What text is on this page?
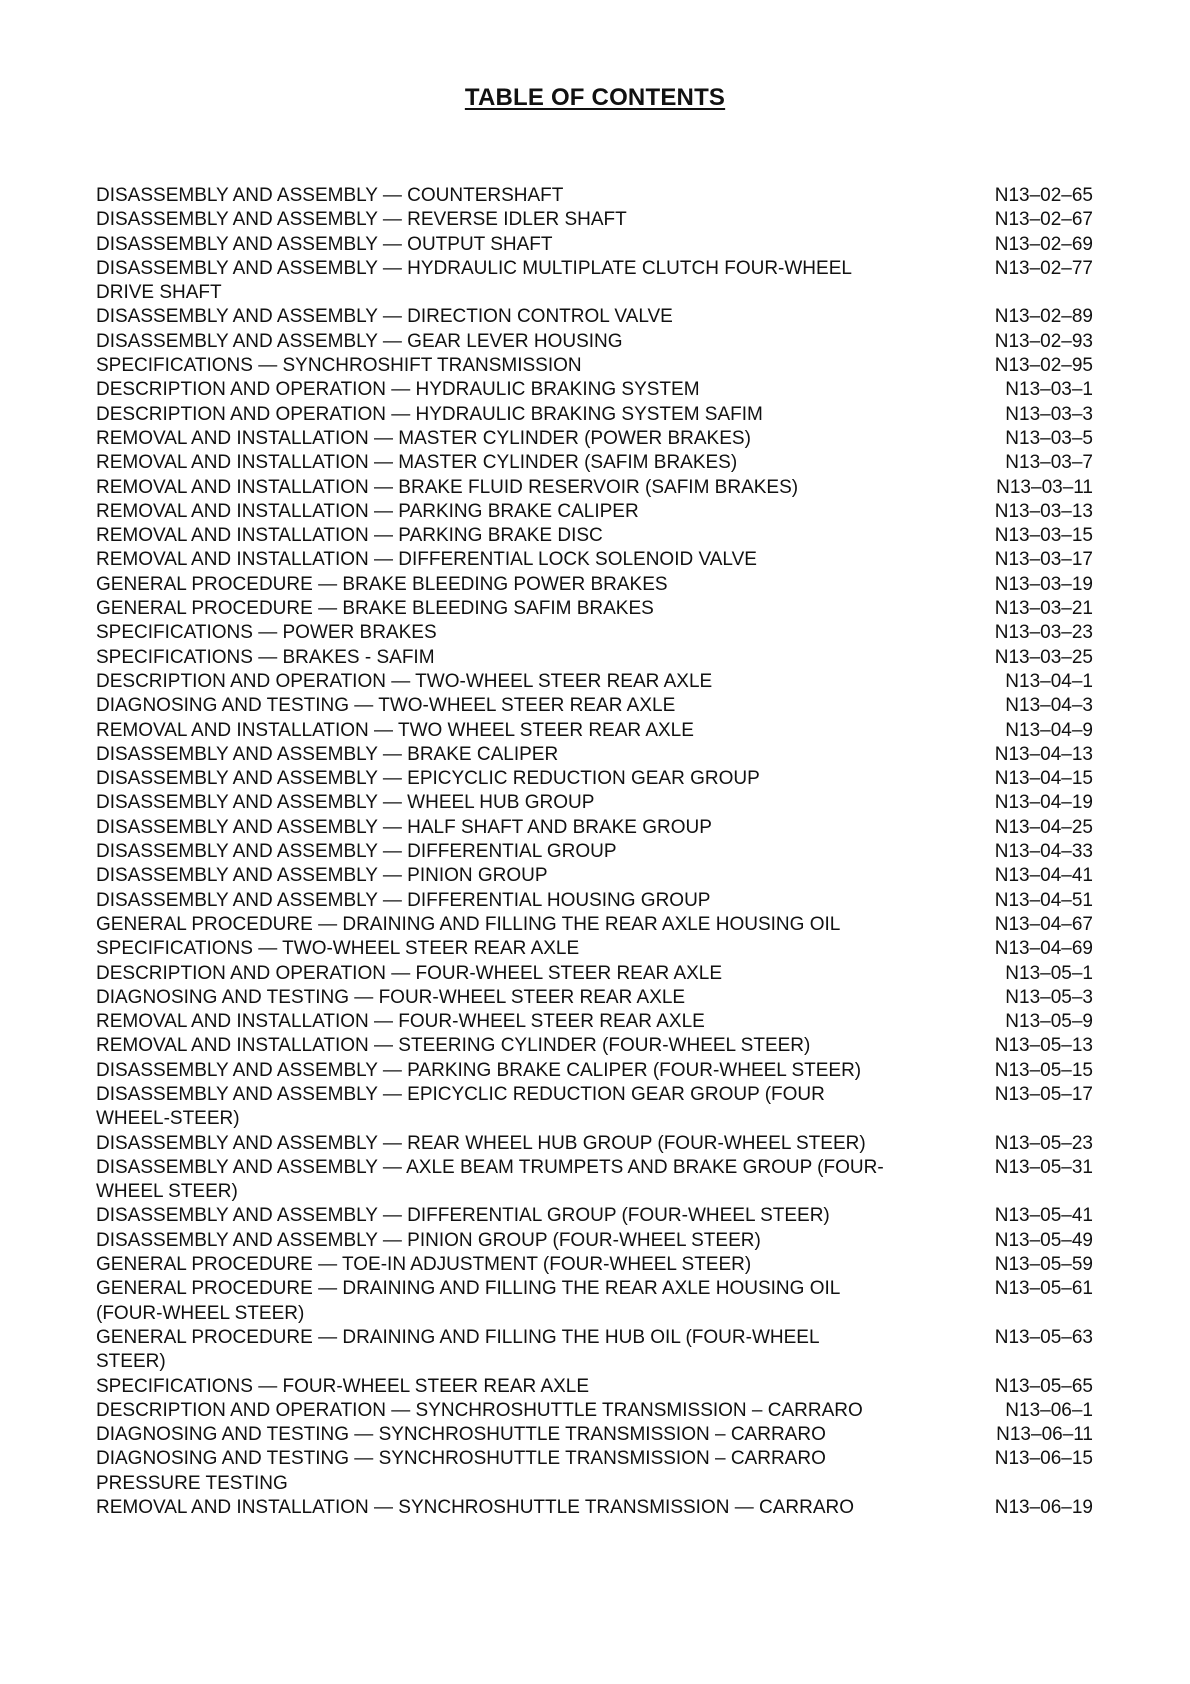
TABLE OF CONTENTS
DISASSEMBLY AND ASSEMBLY — COUNTERSHAFT	N13–02–65
DISASSEMBLY AND ASSEMBLY — REVERSE IDLER SHAFT	N13–02–67
DISASSEMBLY AND ASSEMBLY — OUTPUT SHAFT	N13–02–69
DISASSEMBLY AND ASSEMBLY — HYDRAULIC MULTIPLATE CLUTCH FOUR-WHEEL DRIVE SHAFT
N13–02–77
DISASSEMBLY AND ASSEMBLY — DIRECTION CONTROL VALVE	N13–02–89
DISASSEMBLY AND ASSEMBLY — GEAR LEVER HOUSING	N13–02–93
SPECIFICATIONS — SYNCHROSHIFT TRANSMISSION	N13–02–95
DESCRIPTION AND OPERATION — HYDRAULIC BRAKING SYSTEM	N13–03–1
DESCRIPTION AND OPERATION — HYDRAULIC BRAKING SYSTEM SAFIM	N13–03–3
REMOVAL AND INSTALLATION — MASTER CYLINDER (POWER BRAKES)	N13–03–5
REMOVAL AND INSTALLATION — MASTER CYLINDER (SAFIM BRAKES)	N13–03–7
REMOVAL AND INSTALLATION — BRAKE FLUID RESERVOIR (SAFIM BRAKES)	N13–03–11
REMOVAL AND INSTALLATION — PARKING BRAKE CALIPER	N13–03–13
REMOVAL AND INSTALLATION — PARKING BRAKE DISC	N13–03–15
REMOVAL AND INSTALLATION — DIFFERENTIAL LOCK SOLENOID VALVE	N13–03–17
GENERAL PROCEDURE — BRAKE BLEEDING POWER BRAKES	N13–03–19
GENERAL PROCEDURE — BRAKE BLEEDING SAFIM BRAKES	N13–03–21
SPECIFICATIONS — POWER BRAKES	N13–03–23
SPECIFICATIONS — BRAKES - SAFIM	N13–03–25
DESCRIPTION AND OPERATION — TWO-WHEEL STEER REAR AXLE	N13–04–1
DIAGNOSING AND TESTING — TWO-WHEEL STEER REAR AXLE	N13–04–3
REMOVAL AND INSTALLATION — TWO WHEEL STEER REAR AXLE	N13–04–9
DISASSEMBLY AND ASSEMBLY — BRAKE CALIPER	N13–04–13
DISASSEMBLY AND ASSEMBLY — EPICYCLIC REDUCTION GEAR GROUP	N13–04–15
DISASSEMBLY AND ASSEMBLY — WHEEL HUB GROUP	N13–04–19
DISASSEMBLY AND ASSEMBLY — HALF SHAFT AND BRAKE GROUP	N13–04–25
DISASSEMBLY AND ASSEMBLY — DIFFERENTIAL GROUP	N13–04–33
DISASSEMBLY AND ASSEMBLY — PINION GROUP	N13–04–41
DISASSEMBLY AND ASSEMBLY — DIFFERENTIAL HOUSING GROUP	N13–04–51
GENERAL PROCEDURE — DRAINING AND FILLING THE REAR AXLE HOUSING OIL	N13–04–67
SPECIFICATIONS — TWO-WHEEL STEER REAR AXLE	N13–04–69
DESCRIPTION AND OPERATION — FOUR-WHEEL STEER REAR AXLE	N13–05–1
DIAGNOSING AND TESTING — FOUR-WHEEL STEER REAR AXLE	N13–05–3
REMOVAL AND INSTALLATION — FOUR-WHEEL STEER REAR AXLE	N13–05–9
REMOVAL AND INSTALLATION — STEERING CYLINDER (FOUR-WHEEL STEER)	N13–05–13
DISASSEMBLY AND ASSEMBLY — PARKING BRAKE CALIPER (FOUR-WHEEL STEER)	N13–05–15
DISASSEMBLY AND ASSEMBLY — EPICYCLIC REDUCTION GEAR GROUP (FOUR WHEEL-STEER)
N13–05–17
DISASSEMBLY AND ASSEMBLY — REAR WHEEL HUB GROUP (FOUR-WHEEL STEER)	N13–05–23
DISASSEMBLY AND ASSEMBLY — AXLE BEAM TRUMPETS AND BRAKE GROUP (FOUR-WHEEL STEER)
N13–05–31
DISASSEMBLY AND ASSEMBLY — DIFFERENTIAL GROUP (FOUR-WHEEL STEER)	N13–05–41
DISASSEMBLY AND ASSEMBLY — PINION GROUP (FOUR-WHEEL STEER)	N13–05–49
GENERAL PROCEDURE — TOE-IN ADJUSTMENT (FOUR-WHEEL STEER)	N13–05–59
GENERAL PROCEDURE — DRAINING AND FILLING THE REAR AXLE HOUSING OIL (FOUR-WHEEL STEER)
N13–05–61
GENERAL PROCEDURE — DRAINING AND FILLING THE HUB OIL (FOUR-WHEEL STEER)
N13–05–63
SPECIFICATIONS — FOUR-WHEEL STEER REAR AXLE	N13–05–65
DESCRIPTION AND OPERATION — SYNCHROSHUTTLE TRANSMISSION – CARRARO	N13–06–1
DIAGNOSING AND TESTING — SYNCHROSHUTTLE TRANSMISSION – CARRARO	N13–06–11
DIAGNOSING AND TESTING — SYNCHROSHUTTLE TRANSMISSION – CARRARO PRESSURE TESTING
N13–06–15
REMOVAL AND INSTALLATION — SYNCHROSHUTTLE TRANSMISSION — CARRARO	N13–06–19
